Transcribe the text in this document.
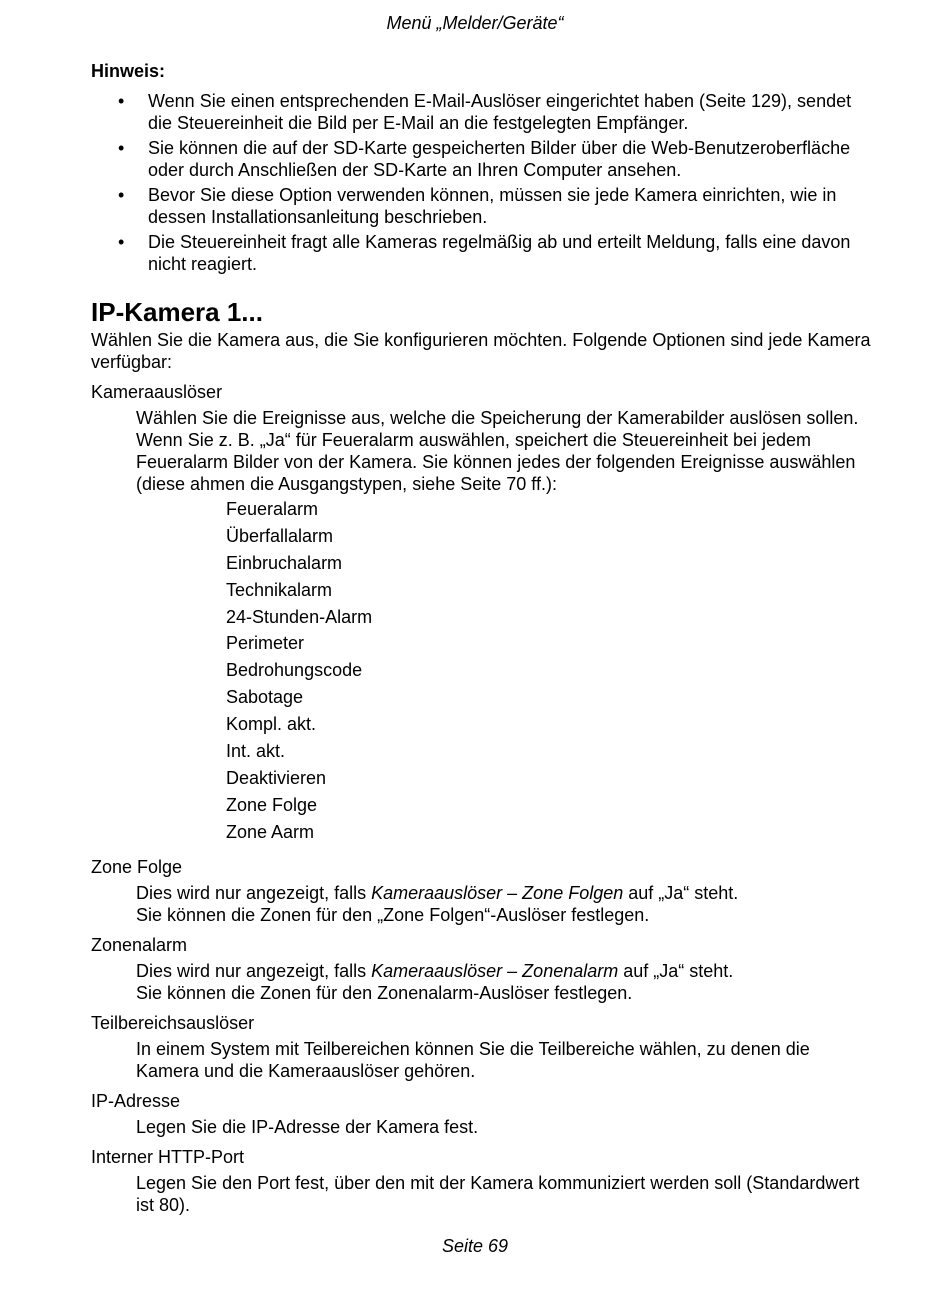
Menü „Melder/Geräte“
Hinweis:
• Wenn Sie einen entsprechenden E-Mail-Auslöser eingerichtet haben (Seite 129), sendet die Steuereinheit die Bild per E-Mail an die festgelegten Empfänger.
• Sie können die auf der SD-Karte gespeicherten Bilder über die Web-Benutzeroberfläche oder durch Anschließen der SD-Karte an Ihren Computer ansehen.
• Bevor Sie diese Option verwenden können, müssen sie jede Kamera einrichten, wie in dessen Installationsanleitung beschrieben.
• Die Steuereinheit fragt alle Kameras regelmäßig ab und erteilt Meldung, falls eine davon nicht reagiert.
IP-Kamera 1...
Wählen Sie die Kamera aus, die Sie konfigurieren möchten. Folgende Optionen sind jede Kamera verfügbar:
Kameraauslöser

Wählen Sie die Ereignisse aus, welche die Speicherung der Kamerabilder auslösen sollen. Wenn Sie z. B. „Ja“ für Feueralarm auswählen, speichert die Steuereinheit bei jedem Feueralarm Bilder von der Kamera. Sie können jedes der folgenden Ereignisse auswählen (diese ahmen die Ausgangstypen, siehe Seite 70 ff.):

Feueralarm
Überfallalarm
Einbruchalarm
Technikalarm
24-Stunden-Alarm
Perimeter
Bedrohungscode
Sabotage
Kompl. akt.
Int. akt.
Deaktivieren
Zone Folge
Zone Aarm
Zone Folge

Dies wird nur angezeigt, falls Kameraauslöser – Zone Folgen auf „Ja“ steht.

Sie können die Zonen für den „Zone Folgen“-Auslöser festlegen.

Zonenalarm

Dies wird nur angezeigt, falls Kameraauslöser – Zonenalarm auf „Ja“ steht.

Sie können die Zonen für den Zonenalarm-Auslöser festlegen.

Teilbereichsauslöser

In einem System mit Teilbereichen können Sie die Teilbereiche wählen, zu denen die Kamera und die Kameraauslöser gehören.

IP-Adresse

Legen Sie die IP-Adresse der Kamera fest.

Interner HTTP-Port

Legen Sie den Port fest, über den mit der Kamera kommuniziert werden soll (Standardwert ist 80).

Seite 69
